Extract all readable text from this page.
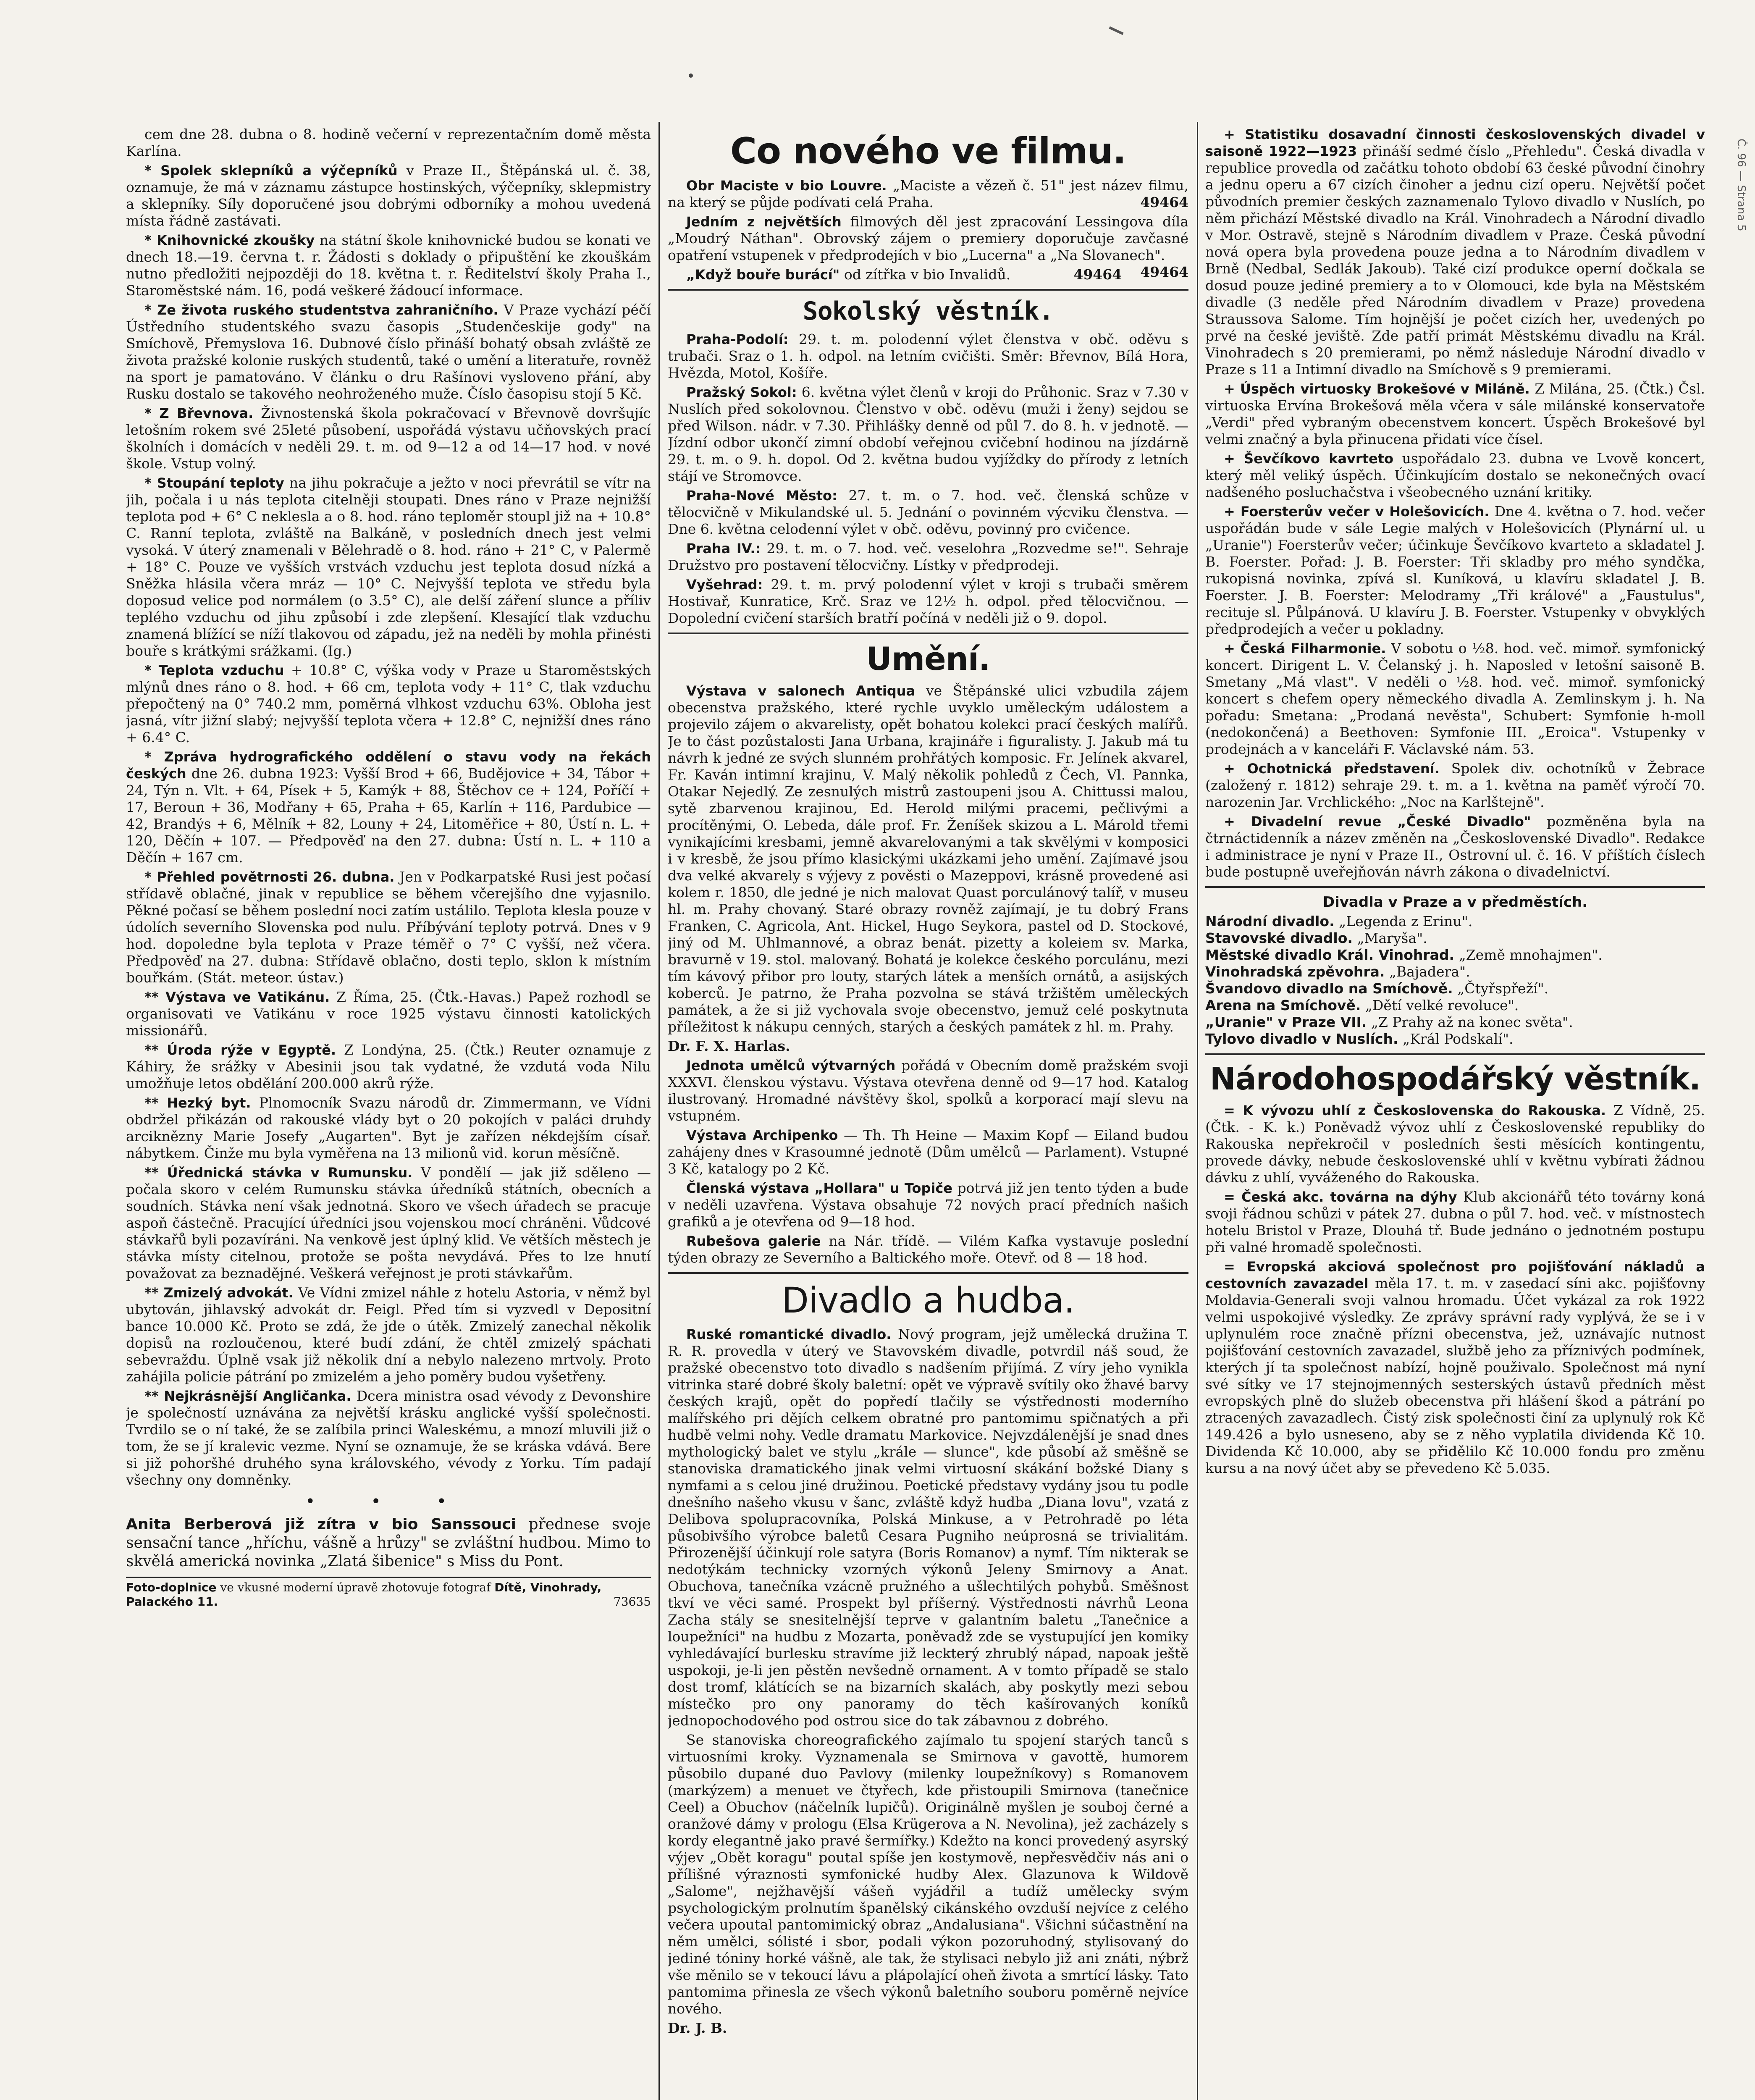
Č. 96 — Strana 5

cem dne 28. dubna o 8. hodině večerní v reprezentačním domě města Karlína.

* Spolek sklepníků a výčepníků v Praze II., Štěpánská ul. č. 38, oznamuje, že má v záznamu zástupce hostinských, výčepníky, sklepmistry a sklepníky. Síly doporučené jsou dobrými odborníky a mohou uvedená místa řádně zastávati.

* Knihovnické zkoušky na státní škole knihovnické budou se konati ve dnech 18.—19. června t. r. Žádosti s doklady o připuštění ke zkouškám nutno předložiti nejpozději do 18. května t. r. Ředitelství školy Praha I., Staroměstské nám. 16, podá veškeré žádoucí informace.

* Ze života ruského studentstva zahraničního. V Praze vychází péčí Ústředního studentského svazu časopis „Studenčeskije gody" na Smíchově, Přemyslova 16. Dubnové číslo přináší bohatý obsah zvláště ze života pražské kolonie ruských studentů, také o umění a literatuře, rovněž na sport je pamatováno. V článku o dru Rašínovi vysloveno přání, aby Rusku dostalo se takového neohroženého muže. Číslo časopisu stojí 5 Kč.

* Z Břevnova. Živnostenská škola pokračovací v Břevnově dovršujíc letošním rokem své 25leté působení, uspořádá výstavu učňovských prací školních i domácích v neděli 29. t. m. od 9—12 a od 14—17 hod. v nové škole. Vstup volný.

* Stoupání teploty na jihu pokračuje a ježto v noci převrátil se vítr na jih, počala i u nás teplota citelněji stoupati. Dnes ráno v Praze nejnižší teplota pod + 6° C neklesla a o 8. hod. ráno teploměr stoupl již na + 10.8° C. Ranní teplota, zvláště na Balkáně, v posledních dnech jest velmi vysoká. V úterý znamenali v Bělehradě o 8. hod. ráno + 21° C, v Palermě + 18° C. Pouze ve vyšších vrstvách vzduchu jest teplota dosud nízká a Sněžka hlásila včera mráz — 10° C. Nejvyšší teplota ve středu byla doposud velice pod normálem (o 3.5° C), ale delší záření slunce a příliv teplého vzduchu od jihu způsobí i zde zlepšení. Klesající tlak vzduchu znamená blížící se níží tlakovou od západu, jež na neděli by mohla přinésti bouře s krátkými srážkami. (Ig.)

* Teplota vzduchu + 10.8° C, výška vody v Praze u Staroměstských mlýnů dnes ráno o 8. hod. + 66 cm, teplota vody + 11° C, tlak vzduchu přepočtený na 0° 740.2 mm, poměrná vlhkost vzduchu 63%. Obloha jest jasná, vítr jižní slabý; nejvyšší teplota včera + 12.8° C, nejnižší dnes ráno + 6.4° C.

* Zpráva hydrografického oddělení o stavu vody na řekách českých dne 26. dubna 1923: Vyšší Brod + 66, Budějovice + 34, Tábor + 24, Týn n. Vlt. + 64, Písek + 5, Kamýk + 88, Štěchov ce + 124, Poříčí + 17, Beroun + 36, Modřany + 65, Praha + 65, Karlín + 116, Pardubice — 42, Brandýs + 6, Mělník + 82, Louny + 24, Litoměřice + 80, Ústí n. L. + 120, Děčín + 107. — Předpověď na den 27. dubna: Ústí n. L. + 110 a Děčín + 167 cm.

* Přehled povětrnosti 26. dubna. Jen v Podkarpatské Rusi jest počasí střídavě oblačné, jinak v republice se během včerejšího dne vyjasnilo. Pěkné počasí se během poslední noci zatím ustálilo. Teplota klesla pouze v údolích severního Slovenska pod nulu. Příbývání teploty potrvá. Dnes v 9 hod. dopoledne byla teplota v Praze téměř o 7° C vyšší, než včera. Předpověď na 27. dubna: Střídavě oblačno, dosti teplo, sklon k místním bouřkám. (Stát. meteor. ústav.)

** Výstava ve Vatikánu. Z Říma, 25. (Čtk.-Havas.) Papež rozhodl se organisovati ve Vatikánu v roce 1925 výstavu činnosti katolických missionářů.

** Úroda rýže v Egyptě. Z Londýna, 25. (Čtk.) Reuter oznamuje z Káhiry, že srážky v Abesinii jsou tak vydatné, že vzdutá voda Nilu umožňuje letos obdělání 200.000 akrů rýže.

** Hezký byt. Plnomocník Svazu národů dr. Zimmermann, ve Vídni obdržel přikázán od rakouské vlády byt o 20 pokojích v paláci druhdy arciknězny Marie Josefy „Augarten". Byt je zařízen nékdejším císař. nábytkem. Činže mu byla vyměřena na 13 milionů vid. korun měsíčně.

** Úřednická stávka v Rumunsku. V pondělí — jak již sděleno — počala skoro v celém Rumunsku stávka úředníků státních, obecních a soudních. Stávka není však jednotná. Skoro ve všech úřadech se pracuje aspoň částečně. Pracující úředníci jsou vojenskou mocí chráněni. Vůdcové stávkařů byli pozavíráni. Na venkově jest úplný klid. Ve větších městech je stávka místy citelnou, protože se pošta nevydává. Přes to lze hnutí považovat za beznadějné. Veškerá veřejnost je proti stávkařům.

** Zmizelý advokát. Ve Vídni zmizel náhle z hotelu Astoria, v němž byl ubytován, jihlavský advokát dr. Feigl. Před tím si vyzvedl v Depositní bance 10.000 Kč. Proto se zdá, že jde o útěk. Zmizelý zanechal několik dopisů na rozloučenou, které budí zdání, že chtěl zmizelý spáchati sebevraždu. Úplně vsak již několik dní a nebylo nalezeno mrtvoly. Proto zahájila policie pátrání po zmizelém a jeho poměry budou vyšetřeny.

** Nejkrásnější Angličanka. Dcera ministra osad vévody z Devonshire je společností uznávána za největší krásku anglické vyšší společnosti. Tvrdilo se o ní také, že se zalíbila princi Waleskému, a mnozí mluvili již o tom, že se jí kralevic vezme. Nyní se oznamuje, že se kráska vdává. Bere si již pohoršhé druhého syna královského, vévody z Yorku. Tím padají všechny ony domněnky.

• • •
Anita Berberová již zítra v bio Sanssouci přednese svoje sensační tance „hříchu, vášně a hrůzy" se zvláštní hudbou. Mimo to skvělá americká novinka „Zlatá šibenice" s Miss du Pont.
Foto-doplnice ve vkusné moderní úpravě zhotovuje fotograf Dítě, Vinohrady, Palackého 11.	73635
Co nového ve filmu.

Obr Maciste v bio Louvre. „Maciste a vězeň č. 51" jest název filmu, na který se půjde podívati celá Praha.	49464

Jedním z největších filmových děl jest zpracování Lessingova díla „Moudrý Náthan". Obrovský zájem o premiery doporučuje zavčasné opatření vstupenek v předprodejích v bio „Lucerna" a „Na Slovanech".
49464

„Když bouře burácí" od zítřka v bio Invalidů.	49464

Sokolský věstník.

Praha-Podolí: 29. t. m. polodenní výlet členstva v obč. oděvu s trubači. Sraz o 1. h. odpol. na letním cvičišti. Směr: Břevnov, Bílá Hora, Hvězda, Motol, Košíře.

Pražský Sokol: 6. května výlet členů v kroji do Průhonic. Sraz v 7.30 v Nuslích před sokolovnou. Členstvo v obč. oděvu (muži i ženy) sejdou se před Wilson. nádr. v 7.30. Přihlášky denně od půl 7. do 8. h. v jednotě. — Jízdní odbor ukončí zimní období veřejnou cvičební hodinou na jízdárně 29. t. m. o 9. h. dopol. Od 2. května budou vyjíždky do přírody z letních stájí ve Stromovce.

Praha-Nové Město: 27. t. m. o 7. hod. več. členská schůze v tělocvičně v Mikulandské ul. 5. Jednání o povinném výcviku členstva. — Dne 6. května celodenní výlet v obč. oděvu, povinný pro cvičence.

Praha IV.: 29. t. m. o 7. hod. več. veselohra „Rozvedme se!". Sehraje Družstvo pro postavení tělocvičny. Lístky v předprodeji.

Vyšehrad: 29. t. m. prvý polodenní výlet v kroji s trubači směrem Hostivař, Kunratice, Krč. Sraz ve 12½ h. odpol. před tělocvičnou. — Dopolední cvičení starších bratří počíná v neděli již o 9. dopol.

Umění.

Výstava v salonech Antiqua ve Štěpánské ulici vzbudila zájem obecenstva pražského, které rychle uvyklo uměleckým událostem a projevilo zájem o akvarelisty, opět bohatou kolekci prací českých malířů. Je to část pozůstalosti Jana Urbana, krajináře i figuralisty. J. Jakub má tu návrh k jedné ze svých slunném prohřátých komposic. Fr. Jelínek akvarel, Fr. Kaván intimní krajinu, V. Malý několik pohledů z Čech, Vl. Pannka, Otakar Nejedlý. Ze zesnulých mistrů zastoupeni jsou A. Chittussi malou, sytě zbarvenou krajinou, Ed. Herold milými pracemi, pečlivými a procítěnými, O. Lebeda, dále prof. Fr. Ženíšek skizou a L. Márold třemi vynikajícími kresbami, jemně akvarelovanými a tak skvělými v komposici i v kresbě, že jsou přímo klasickými ukázkami jeho umění. Zajímavé jsou dva velké akvarely s výjevy z pověsti o Mazeppovi, krásně provedené asi kolem r. 1850, dle jedné je nich malovat Quast porculánový talíř, v museu hl. m. Prahy chovaný. Staré obrazy rovněž zajímají, je tu dobrý Frans Franken, C. Agricola, Ant. Hickel, Hugo Seykora, pastel od D. Stockové, jiný od M. Uhlmannové, a obraz benát. pizetty a koleiem sv. Marka, bravurně v 19. stol. malovaný. Bohatá je kolekce českého porculánu, mezi tím kávový přibor pro louty, starých látek a menších ornátů, a asijských koberců. Je patrno, že Praha pozvolna se stává tržištěm uměleckých památek, a že si již vychovala svoje obecenstvo, jemuž celé poskytnuta příležitost k nákupu cenných, starých a českých památek z hl. m. Prahy.

Dr. F. X. Harlas.

Jednota umělců výtvarných pořádá v Obecním domě pražském svoji XXXVI. členskou výstavu. Výstava otevřena denně od 9—17 hod. Katalog ilustrovaný. Hromadné návštěvy škol, spolků a korporací mají slevu na vstupném.

Výstava Archipenko — Th. Th Heine — Maxim Kopf — Eiland budou zahájeny dnes v Krasoumné jednotě (Dům umělců — Parlament). Vstupné 3 Kč, katalogy po 2 Kč.

Členská výstava „Hollara" u Topiče potrvá již jen tento týden a bude v neděli uzavřena. Výstava obsahuje 72 nových prací předních našich grafiků a je otevřena od 9—18 hod.

Rubešova galerie na Nár. třídě. — Vilém Kafka vystavuje poslední týden obrazy ze Severního a Baltického moře. Otevř. od 8 — 18 hod.

Divadlo a hudba.

Ruské romantické divadlo. Nový program, jejž umělecká družina T. R. R. provedla v úterý ve Stavovském divadle, potvrdil náš soud, že pražské obecenstvo toto divadlo s nadšením přijímá. Z víry jeho vynikla vitrinka staré dobré školy baletní: opět ve výpravě svítily oko žhavé barvy českých krajů, opět do popředí tlačily se výstřednosti moderního malířského pri dějích celkem obratné pro pantomimu spičnatých a při hudbě velmi nohy. Vedle dramatu Markovice. Nejvzdálenější je snad dnes mythologický balet ve stylu „krále — slunce", kde působí až směšně se stanoviska dramatického jinak velmi virtuosní skákání božské Diany s nymfami a s celou jiné družinou. Poetické představy vydány jsou tu podle dnešního našeho vkusu v šanc, zvláště když hudba „Diana lovu", vzatá z Delibova spolupracovníka, Polská Minkuse, a v Petrohradě po léta působivšího výrobce baletů Cesara Pugniho neúprosná se trivialitám. Přirozenější účinkují role satyra (Boris Romanov) a nymf. Tím nikterak se nedotýkám technicky vzorných výkonů Jeleny Smirnovy a Anat. Obuchova, tanečníka vzácně pružného a ušlechtilých pohybů. Směšnost tkví ve věci samé. Prospekt byl příšerný. Výstřednosti návrhů Leona Zacha stály se snesitelnější teprve v galantním baletu „Tanečnice a loupežníci" na hudbu z Mozarta, poněvadž zde se vystupující jen komiky vyhledávající burlesku stravíme již leckterý zhrublý nápad, napoak ještě uspokoji, je-li jen pěstěn nevšedně ornament. A v tomto případě se stalo dost tromf, klátících se na bizarních skalách, aby poskytly mezi sebou místečko pro ony panoramy do těch kašírovaných koníků jednopochodového pod ostrou sice do tak zábavnou z dobrého.

Se stanoviska choreografického zajímalo tu spojení starých tanců s virtuosními kroky. Vyznamenala se Smirnova v gavottě, humorem působilo dupané duo Pavlovy (milenky loupežníkovy) s Romanovem (markýzem) a menuet ve čtyřech, kde přistoupili Smirnova (tanečnice Ceel) a Obuchov (náčelník lupičů). Originálně myšlen je souboj černé a oranžové dámy v prologu (Elsa Krügerova a N. Nevolina), jež zacházely s kordy elegantně jako pravé šermířky.) Kdežto na konci provedený asyrský výjev „Obět koragu" poutal spíše jen kostymově, nepřesvědčiv nás ani o přílišné výraznosti symfonické hudby Alex. Glazunova k Wildově „Salome", nejžhavější vášeň vyjádřil a tudíž umělecky svým psychologickým prolnutím španělský cikánského ovzduší nejvíce z celého večera upoutal pantomimický obraz „Andalusiana". Všichni súčastnění na něm umělci, sólisté i sbor, podali výkon pozoruhodný, stylisovaný do jediné tóniny horké vášně, ale tak, že stylisaci nebylo již ani znáti, nýbrž vše měnilo se v tekoucí lávu a plápolající oheň života a smrtící lásky. Tato pantomima přinesla ze všech výkonů baletního souboru poměrně nejvíce nového.

Dr. J. B.

+ Statistiku dosavadní činnosti československých divadel v saisoně 1922—1923 přináší sedmé číslo „Přehledu". Česká divadla v republice provedla od začátku tohoto období 63 české původní činohry a jednu operu a 67 cizích činoher a jednu cizí operu. Největší počet původních premier českých zaznamenalo Tylovo divadlo v Nuslích, po něm přichází Městské divadlo na Král. Vinohradech a Národní divadlo v Mor. Ostravě, stejně s Národním divadlem v Praze. Česká původní nová opera byla provedena pouze jedna a to Národním divadlem v Brně (Nedbal, Sedlák Jakoub). Také cizí produkce operní dočkala se dosud pouze jediné premiery a to v Olomouci, kde byla na Městském divadle (3 neděle před Národním divadlem v Praze) provedena Straussova Salome. Tím hojnější je počet cizích her, uvedených po prvé na české jeviště. Zde patří primát Městskému divadlu na Král. Vinohradech s 20 premierami, po němž následuje Národní divadlo v Praze s 11 a Intimní divadlo na Smíchově s 9 premierami.

+ Úspěch virtuosky Brokešové v Miláně. Z Milána, 25. (Čtk.) Čsl. virtuoska Ervína Brokešová měla včera v sále milánské konservatoře „Verdi" před vybraným obecenstvem koncert. Úspěch Brokešové byl velmi značný a byla přinucena přidati více čísel.

+ Ševčíkovo kavrteto uspořádalo 23. dubna ve Lvově koncert, který měl veliký úspěch. Účinkujícím dostalo se nekonečných ovací nadšeného posluchačstva i všeobecného uznání kritiky.

+ Foersterův večer v Holešovicích. Dne 4. května o 7. hod. večer uspořádán bude v sále Legie malých v Holešovicích (Plynární ul. u „Uranie") Foersterův večer; účinkuje Ševčíkovo kvarteto a skladatel J. B. Foerster. Pořad: J. B. Foerster: Tři skladby pro mého syndčka, rukopisná novinka, zpívá sl. Kuníková, u klavíru skladatel J. B. Foerster. J. B. Foerster: Melodramy „Tři králové" a „Faustulus", recituje sl. Půlpánová. U klavíru J. B. Foerster. Vstupenky v obvyklých předprodejích a večer u pokladny.

+ Česká Filharmonie. V sobotu o ½8. hod. več. mimoř. symfonický koncert. Dirigent L. V. Čelanský j. h. Naposled v letošní saisoně B. Smetany „Má vlast". V neděli o ½8. hod. več. mimoř. symfonický koncert s chefem opery německého divadla A. Zemlinskym j. h. Na pořadu: Smetana: „Prodaná nevěsta", Schubert: Symfonie h-moll (nedokončená) a Beethoven: Symfonie III. „Eroica". Vstupenky v prodejnách a v kanceláři F. Václavské nám. 53.

+ Ochotnická představení. Spolek div. ochotníků v Žebrace (založený r. 1812) sehraje 29. t. m. a 1. května na paměť výročí 70. narozenin Jar. Vrchlického: „Noc na Karlštejně".

+ Divadelní revue „České Divadlo" pozměněna byla na čtrnáctidenník a název změněn na „Československé Divadlo". Redakce i administrace je nyní v Praze II., Ostrovní ul. č. 16. V příštích číslech bude postupně uveřejňován návrh zákona o divadelnictví.

Divadla v Praze a v předměstích.

Národní divadlo. „Legenda z Erinu".

Stavovské divadlo. „Maryša".

Městské divadlo Král. Vinohrad. „Země mnohajmen".

Vinohradská zpěvohra. „Bajadera".

Švandovo divadlo na Smíchově. „Čtyřspřeží".

Arena na Smíchově. „Dětí velké revoluce".

„Uranie" v Praze VII. „Z Prahy až na konec světa".

Tylovo divadlo v Nuslích. „Král Podskalí".

Národohospodářský věstník.

= K vývozu uhlí z Československa do Rakouska. Z Vídně, 25. (Čtk. - K. k.) Poněvadž vývoz uhlí z Československé republiky do Rakouska nepřekročil v posledních šesti měsících kontingentu, provede dávky, nebude československé uhlí v květnu vybírati žádnou dávku z uhlí, vyváženého do Rakouska.

= Česká akc. továrna na dýhy Klub akcionářů této továrny koná svoji řádnou schůzi v pátek 27. dubna o půl 7. hod. več. v místnostech hotelu Bristol v Praze, Dlouhá tř. Bude jednáno o jednotném postupu při valné hromadě společnosti.

= Evropská akciová společnost pro pojišťování nákladů a cestovních zavazadel měla 17. t. m. v zasedací síni akc. pojišťovny Moldavia-Generali svoji valnou hromadu. Účet vykázal za rok 1922 velmi uspokojivé výsledky. Ze zprávy správní rady vyplývá, že se i v uplynulém roce značně přízni obecenstva, jež, uznávajíc nutnost pojišťování cestovních zavazadel, službě jeho za příznivých podmínek, kterých jí ta společnost nabízí, hojně použivalo. Společnost má nyní své sítky ve 17 stejnojmenných sesterských ústavů předních měst evropských plně do služeb obecenstva při hlášení škod a pátrání po ztracených zavazadlech. Čistý zisk společnosti činí za uplynulý rok Kč 149.426 a bylo usneseno, aby se z něho vyplatila dividenda Kč 10. Dividenda Kč 10.000, aby se přidělilo Kč 10.000 fondu pro změnu kursu a na nový účet aby se převedeno Kč 5.035.
